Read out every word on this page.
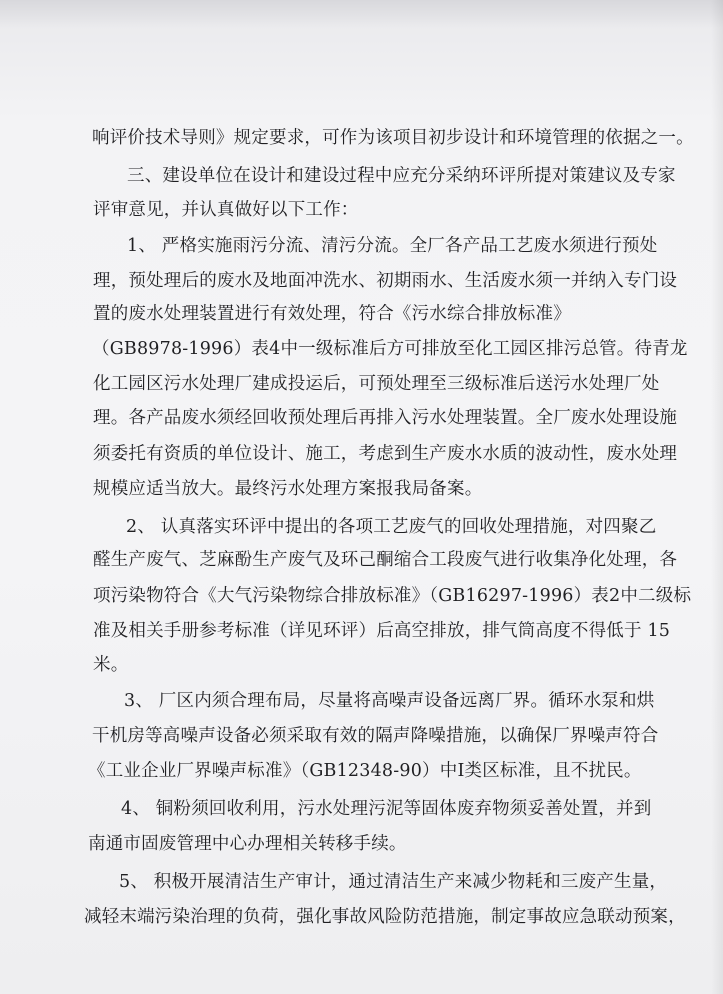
响评价技术导则》规定要求，可作为该项目初步设计和环境管理的依据之一。
三、建设单位在设计和建设过程中应充分采纳环评所提对策建议及专家
评审意见，并认真做好以下工作：
1、 严格实施雨污分流、清污分流。全厂各产品工艺废水须进行预处
理，预处理后的废水及地面冲洗水、初期雨水、生活废水须一并纳入专门设
置的废水处理装置进行有效处理，符合《污水综合排放标准》
（GB8978-1996）表4中一级标准后方可排放至化工园区排污总管。待青龙
化工园区污水处理厂建成投运后，可预处理至三级标准后送污水处理厂处
理。各产品废水须经回收预处理后再排入污水处理装置。全厂废水处理设施
须委托有资质的单位设计、施工，考虑到生产废水水质的波动性，废水处理
规模应适当放大。最终污水处理方案报我局备案。
2、 认真落实环评中提出的各项工艺废气的回收处理措施，对四聚乙
醛生产废气、芝麻酚生产废气及环己酮缩合工段废气进行收集净化处理，各
项污染物符合《大气污染物综合排放标准》（GB16297-1996）表2中二级标
准及相关手册参考标准（详见环评）后高空排放，排气筒高度不得低于 15
米。
3、 厂区内须合理布局，尽量将高噪声设备远离厂界。循环水泵和烘
干机房等高噪声设备必须采取有效的隔声降噪措施，以确保厂界噪声符合
《工业企业厂界噪声标准》（GB12348-90）中Ⅰ类区标准，且不扰民。
4、 铜粉须回收利用，污水处理污泥等固体废弃物须妥善处置，并到
南通市固废管理中心办理相关转移手续。
5、 积极开展清洁生产审计，通过清洁生产来减少物耗和三废产生量，
减轻末端污染治理的负荷，强化事故风险防范措施，制定事故应急联动预案，
